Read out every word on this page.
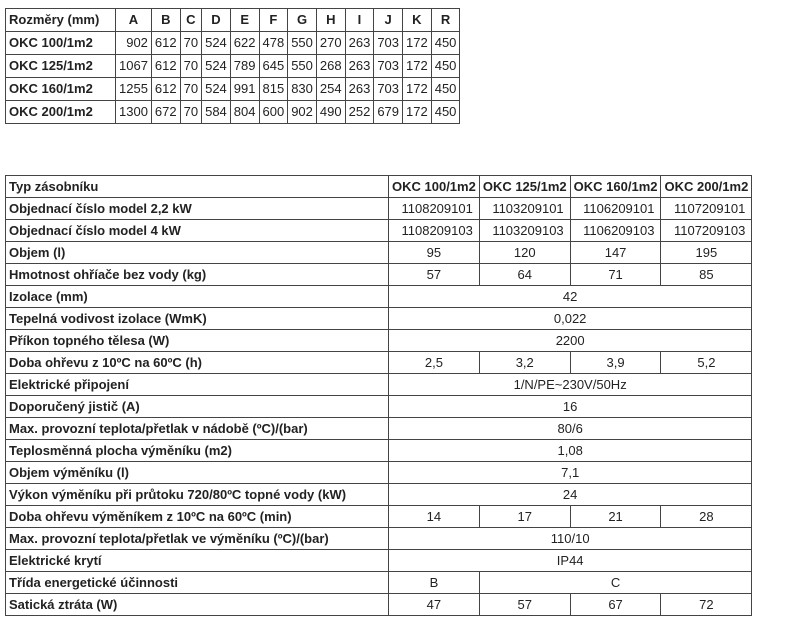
Rozměry (mm)	A	B	C	D	E	F	G	H	I	J	K	R
OKC 100/1m2	902	612	70	524	622	478	550	270	263	703	172	450
OKC 125/1m2	1067	612	70	524	789	645	550	268	263	703	172	450
OKC 160/1m2	1255	612	70	524	991	815	830	254	263	703	172	450
OKC 200/1m2	1300	672	70	584	804	600	902	490	252	679	172	450
Typ zásobníku	OKC 100/1m2	OKC 125/1m2	OKC 160/1m2	OKC 200/1m2
Objednací číslo model 2,2 kW	1108209101	1103209101	1106209101	1107209101
Objednací číslo model 4 kW	1108209103	1103209103	1106209103	1107209103
Objem (l)	95	120	147	195
Hmotnost ohříače bez vody (kg)	57	64	71	85
Izolace (mm)	42			
Tepelná vodivost izolace (WmK)	0,022			
Příkon topného tělesa (W)	2200			
Doba ohřevu z 10ºC na 60ºC (h)	2,5	3,2	3,9	5,2
Elektrické připojení	1/N/PE~230V/50Hz			
Doporučený jistič (A)	16			
Max. provozní teplota/přetlak v nádobě (ºC)/(bar)	80/6			
Teplosměnná plocha výměníku (m2)	1,08			
Objem výměníku (l)	7,1			
Výkon výměníku při průtoku 720/80ºC topné vody (kW)	24			
Doba ohřevu výměníkem z 10ºC na 60ºC (min)	14	17	21	28
Max. provozní teplota/přetlak ve výměníku (ºC)/(bar)	110/10			
Elektrické krytí	IP44			
Třída energetické účinnosti	B	C		
Satická ztráta (W)	47	57	67	72
